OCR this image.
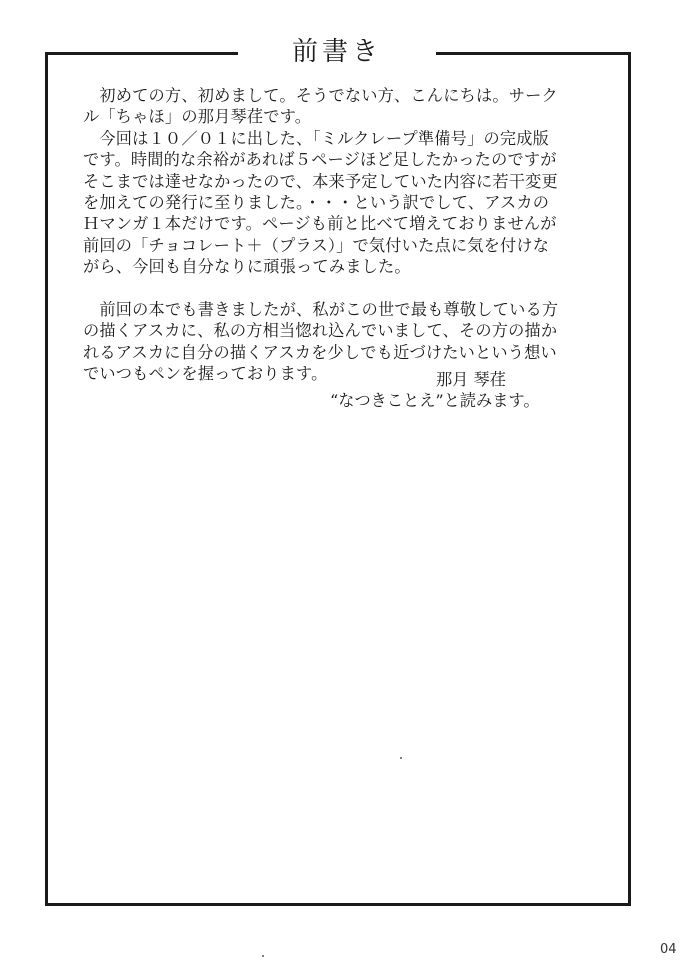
前書き
　初めての方、初めまして。そうでない方、こんにちは。サーク
ル「ちゃほ」の那月琴荏です。
　今回は１０／０１に出した、「ミルクレープ準備号」の完成版
です。時間的な余裕があれば５ページほど足したかったのですが
そこまでは達せなかったので、本来予定していた内容に若干変更
を加えての発行に至りました。・・・という訳でして、アスカの
Ｈマンガ１本だけです。ページも前と比べて増えておりませんが
前回の「チョコレート＋（プラス）」で気付いた点に気を付けな
がら、今回も自分なりに頑張ってみました。
　前回の本でも書きましたが、私がこの世で最も尊敬している方
の描くアスカに、私の方相当惚れ込んでいまして、その方の描か
れるアスカに自分の描くアスカを少しでも近づけたいという想い
でいつもペンを握っております。	那月 琴荏
“なつきことえ”と読みます。
04
